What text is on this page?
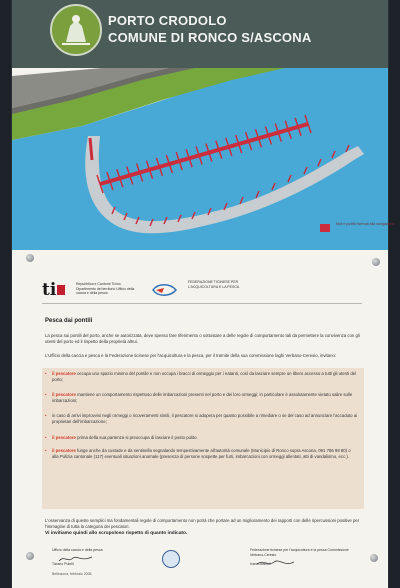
Moli e pontili riservati alla navigazione
PORTO CRODOLO
COMUNE DI RONCO S/ASCONA
ti	Repubblica e Cantone Ticino Dipartimento del territorio Ufficio della caccia e della pesca
FEDERAZIONE TICINESE PER L'ACQUICOLTURA E LA PESCA
Pesca dai pontili
La pesca sui pontili del porto, anche se autorizzata, deve spesso fare riferimento o sottostare a delle regole di comportamento tali da permettere la convivenza con gli utenti del porto ed il rispetto della proprietà altrui.
L'Ufficio della caccia e pesca e la Federazione ticinese per l'acquicoltura e la pesca, per il tramite della sua commissione laghi Verbano-Ceresio, invitano:
• il pescatore occupa uno spazio minimo del pontile e non occupa i bracci di ormeggio per i natanti, così da lasciare sempre un libero accesso a tutti gli utenti del porto;
• il pescatore mantiene un comportamento rispettoso delle imbarcazioni presenti nel porto e dei loro ormeggi; in particolare è assolutamente vietato salire sulle imbarcazioni;
• in caso di arrivi improvvisi negli ormeggi o ricoveramenti simili, il pescatore si adopera per quanto possibile a rimediare o se del caso ad annunciare l'accaduto ai proprietari dell'imbarcazione;
• il pescatore prima della sua partenza si preoccupa di lasciare il posto pulito.
• il pescatore funge anche da custode e da sentinella segnalando tempestivamente all'autorità comunale (Municipio di Ronco sopra Ascona, 091 786 98 80) o alla Polizia cantonale (117) eventuali situazioni anomale (presenza di persone sospette per furti, imbarcazioni con ormeggi allentati, atti di vandalismo, ecc.).
L'osservanza di queste semplici ma fondamentali regole di comportamento non potrà che portare ad un miglioramento dei rapporti con delle ripercussioni positive per l'immagine di tutta la categoria dei pescatori.
Vi invitiamo quindi allo scrupoloso rispetto di quanto indicato.
Ufficio della caccia e della pesca
Tiziano Putelli
Federazione ticinese per l'acquicoltura e la pesca Commissione Verbano-Ceresio
Ivano Maffioli
Bellinzona, febbraio 2008
